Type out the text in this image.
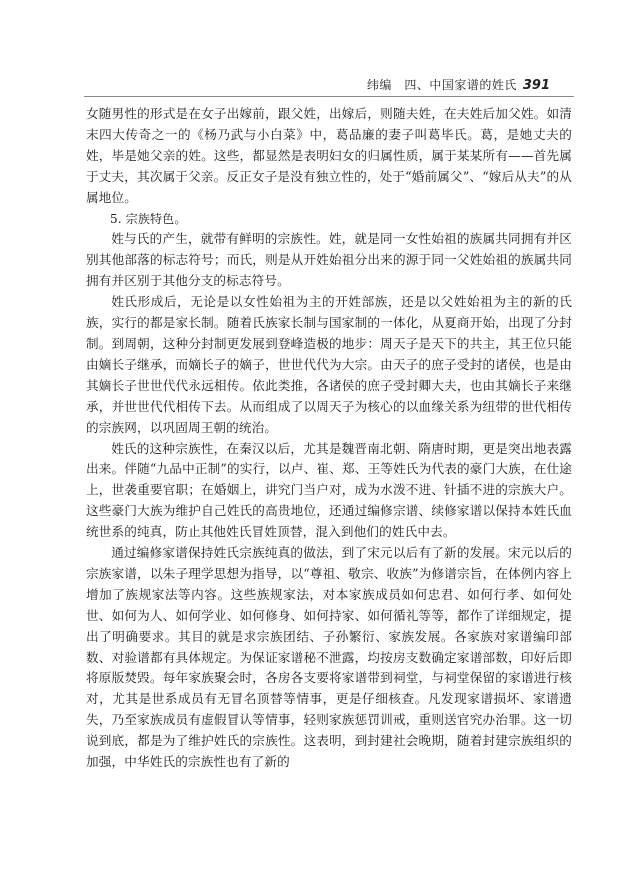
纬编　四、中国家谱的姓氏 391

女随男性的形式是在女子出嫁前，跟父姓，出嫁后，则随夫姓，在夫姓后加父姓。如清末四大传奇之一的《杨乃武与小白菜》中，葛品廉的妻子叫葛毕氏。葛，是她丈夫的姓，毕是她父亲的姓。这些，都显然是表明妇女的归属性质，属于某某所有——首先属于丈夫，其次属于父亲。反正女子是没有独立性的，处于“婚前属父”、“嫁后从夫”的从属地位。

5. 宗族特色。

姓与氏的产生，就带有鲜明的宗族性。姓，就是同一女性始祖的族属共同拥有并区别其他部落的标志符号；而氏，则是从开姓始祖分出来的源于同一父姓始祖的族属共同拥有并区别于其他分支的标志符号。

姓氏形成后，无论是以女性始祖为主的开姓部族，还是以父姓始祖为主的新的氏族，实行的都是家长制。随着氏族家长制与国家制的一体化，从夏商开始，出现了分封制。到周朝，这种分封制更发展到登峰造极的地步：周天子是天下的共主，其王位只能由嫡长子继承，而嫡长子的嫡子，世世代代为大宗。由天子的庶子受封的诸侯，也是由其嫡长子世世代代永远相传。依此类推，各诸侯的庶子受封卿大夫，也由其嫡长子来继承，并世世代代相传下去。从而组成了以周天子为核心的以血缘关系为纽带的世代相传的宗族网，以巩固周王朝的统治。

姓氏的这种宗族性，在秦汉以后，尤其是魏晋南北朝、隋唐时期，更是突出地表露出来。伴随“九品中正制”的实行，以卢、崔、郑、王等姓氏为代表的豪门大族，在仕途上，世袭重要官职；在婚姻上，讲究门当户对，成为水泼不进、针插不进的宗族大户。这些豪门大族为维护自己姓氏的高贵地位，还通过编修宗谱、续修家谱以保持本姓氏血统世系的纯真，防止其他姓氏冒姓顶替，混入到他们的姓氏中去。

通过编修家谱保持姓氏宗族纯真的做法，到了宋元以后有了新的发展。宋元以后的宗族家谱，以朱子理学思想为指导，以“尊祖、敬宗、收族”为修谱宗旨，在体例内容上增加了族规家法等内容。这些族规家法，对本家族成员如何忠君、如何行孝、如何处世、如何为人、如何学业、如何修身、如何持家、如何循礼等等，都作了详细规定，提出了明确要求。其目的就是求宗族团结、子孙繁衍、家族发展。各家族对家谱编印部数、对验谱都有具体规定。为保证家谱秘不泄露，均按房支数确定家谱部数，印好后即将原版焚毁。每年家族聚会时，各房各支要将家谱带到祠堂，与祠堂保留的家谱进行核对，尤其是世系成员有无冒名顶替等情事，更是仔细核查。凡发现家谱损坏、家谱遗失，乃至家族成员有虚假冒认等情事，轻则家族惩罚训戒，重则送官究办治罪。这一切说到底，都是为了维护姓氏的宗族性。这表明，到封建社会晚期，随着封建宗族组织的加强，中华姓氏的宗族性也有了新的
